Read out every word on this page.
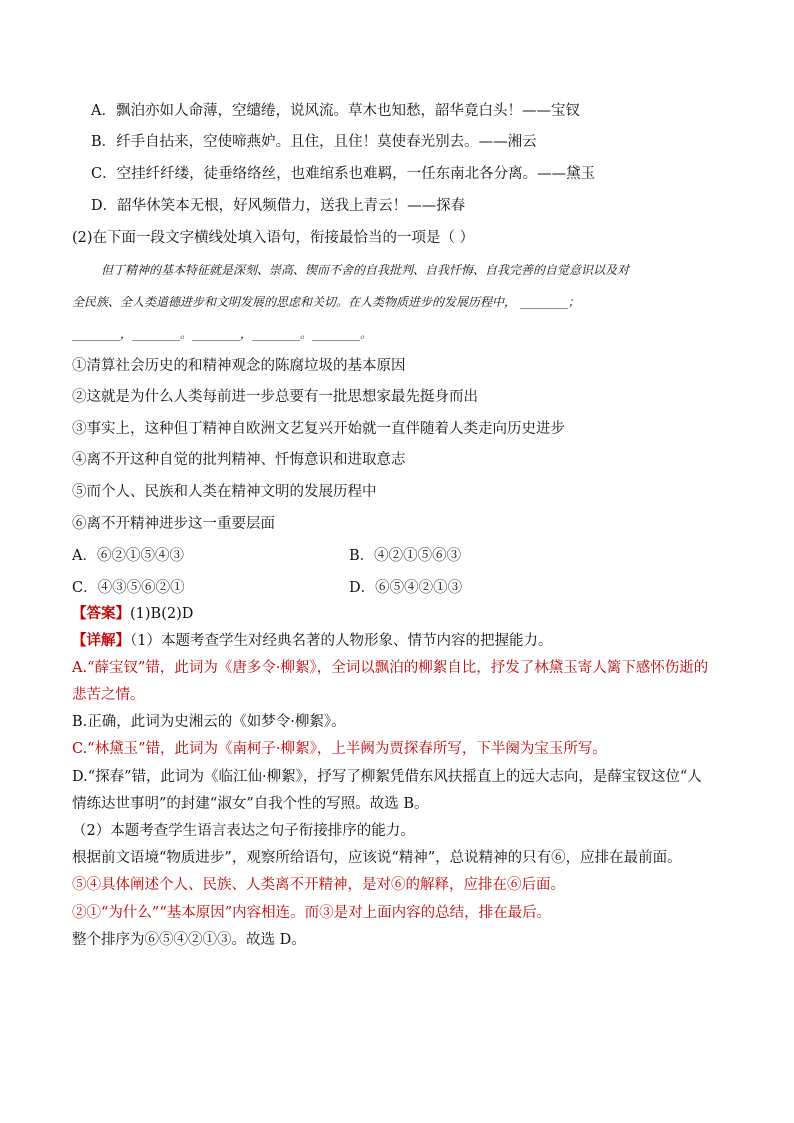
A．飘泊亦如人命薄，空缱绻，说风流。草木也知愁，韶华竟白头！——宝钗
B．纤手自拈来，空使啼燕妒。且住，且住！莫使春光别去。——湘云
C．空挂纤纤缕，徒垂络络丝，也难绾系也难羁，一任东南北各分离。——黛玉
D．韶华休笑本无根，好风频借力，送我上青云！——探春
(2)在下面一段文字横线处填入语句，衔接最恰当的一项是（ ）
但丁精神的基本特征就是深刻、崇高、锲而不舍的自我批判、自我忏悔、自我完善的自觉意识以及对
全民族、全人类道德进步和文明发展的思虑和关切。在人类物质进步的发展历程中， ________；
________，________。________，________。________。
①清算社会历史的和精神观念的陈腐垃圾的基本原因
②这就是为什么人类每前进一步总要有一批思想家最先挺身而出
③事实上，这种但丁精神自欧洲文艺复兴开始就一直伴随着人类走向历史进步
④离不开这种自觉的批判精神、忏悔意识和进取意志
⑤而个人、民族和人类在精神文明的发展历程中
⑥离不开精神进步这一重要层面
A．⑥②①⑤④③	B．④②①⑤⑥③
C．④③⑤⑥②①	D．⑥⑤④②①③
【答案】(1)B(2)D
【详解】（1）本题考查学生对经典名著的人物形象、情节内容的把握能力。
A.“薛宝钗”错，此词为《唐多令·柳絮》，全词以飘泊的柳絮自比，抒发了林黛玉寄人篱下感怀伤逝的
悲苦之情。
B.正确，此词为史湘云的《如梦令·柳絮》。
C.“林黛玉”错，此词为《南柯子·柳絮》，上半阙为贾探春所写，下半阕为宝玉所写。
D.“探春”错，此词为《临江仙·柳絮》，抒写了柳絮凭借东风扶摇直上的远大志向，是薛宝钗这位“人
情练达世事明”的封建“淑女”自我个性的写照。故选 B。
（2）本题考查学生语言表达之句子衔接排序的能力。
根据前文语境“物质进步”，观察所给语句，应该说“精神”，总说精神的只有⑥，应排在最前面。
⑤④具体阐述个人、民族、人类离不开精神，是对⑥的解释，应排在⑥后面。
②①“为什么”“基本原因”内容相连。而③是对上面内容的总结，排在最后。
整个排序为⑥⑤④②①③。故选 D。
